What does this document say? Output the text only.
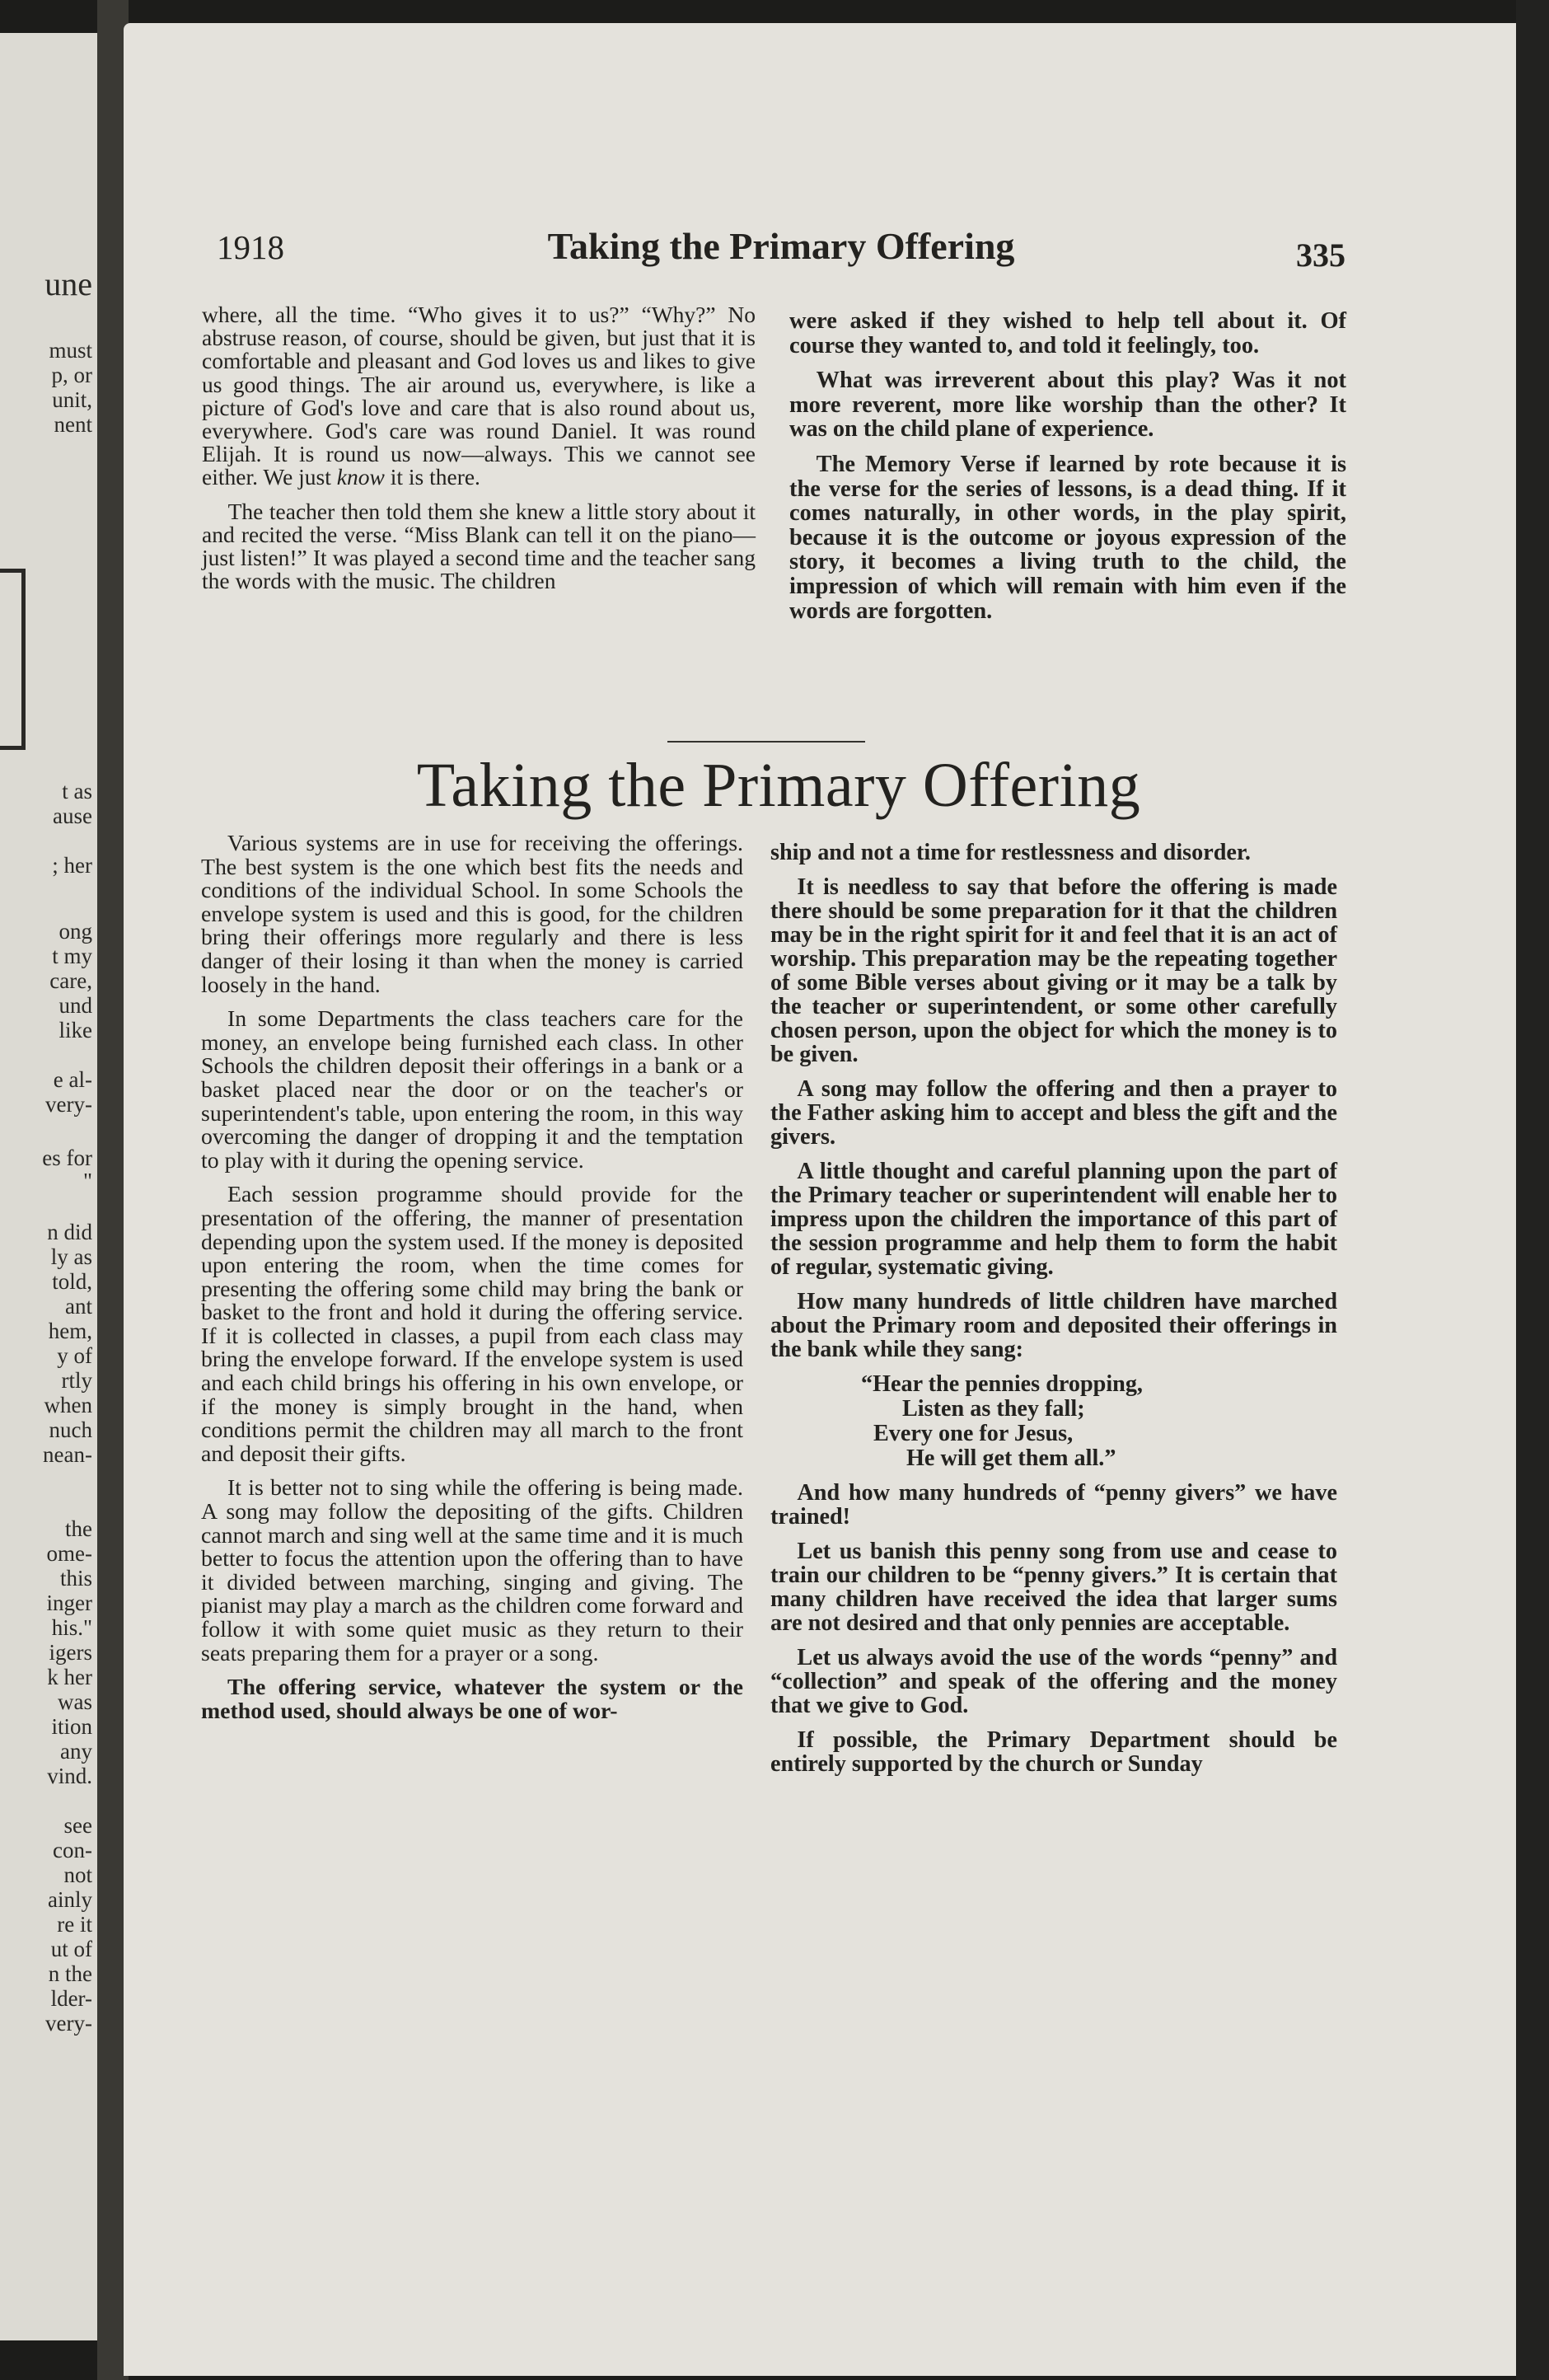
une
must
p, or
unit,
nent
t as
ause
; her
ong
t my
care,
und
like
e al-
very-
es for
"
n did
ly as
told,
ant
hem,
y of
rtly
when
nuch
nean-
the
ome-
this
inger
his."
igers
k her
was
ition
any
vind.
see
con-
not
ainly
re it
ut of
n the
lder-
very-
1918	Taking the Primary Offering	335

where, all the time. “Who gives it to us?” “Why?” No abstruse reason, of course, should be given, but just that it is comfortable and pleasant and God loves us and likes to give us good things. The air around us, everywhere, is like a picture of God's love and care that is also round about us, everywhere. God's care was round Daniel. It was round Elijah. It is round us now—always. This we cannot see either. We just know it is there.

The teacher then told them she knew a little story about it and recited the verse. “Miss Blank can tell it on the piano—just listen!” It was played a second time and the teacher sang the words with the music. The children

were asked if they wished to help tell about it. Of course they wanted to, and told it feelingly, too.

What was irreverent about this play? Was it not more reverent, more like worship than the other? It was on the child plane of experience.

The Memory Verse if learned by rote because it is the verse for the series of lessons, is a dead thing. If it comes naturally, in other words, in the play spirit, because it is the outcome or joyous expression of the story, it becomes a living truth to the child, the impression of which will remain with him even if the words are forgotten.

Taking the Primary Offering

Various systems are in use for receiving the offerings. The best system is the one which best fits the needs and conditions of the individual School. In some Schools the envelope system is used and this is good, for the children bring their offerings more regularly and there is less danger of their losing it than when the money is carried loosely in the hand.

In some Departments the class teachers care for the money, an envelope being furnished each class. In other Schools the children deposit their offerings in a bank or a basket placed near the door or on the teacher's or superintendent's table, upon entering the room, in this way overcoming the danger of dropping it and the temptation to play with it during the opening service.

Each session programme should provide for the presentation of the offering, the manner of presentation depending upon the system used. If the money is deposited upon entering the room, when the time comes for presenting the offering some child may bring the bank or basket to the front and hold it during the offering service. If it is collected in classes, a pupil from each class may bring the envelope forward. If the envelope system is used and each child brings his offering in his own envelope, or if the money is simply brought in the hand, when conditions permit the children may all march to the front and deposit their gifts.

It is better not to sing while the offering is being made. A song may follow the depositing of the gifts. Children cannot march and sing well at the same time and it is much better to focus the attention upon the offering than to have it divided between marching, singing and giving. The pianist may play a march as the children come forward and follow it with some quiet music as they return to their seats preparing them for a prayer or a song.

The offering service, whatever the system or the method used, should always be one of wor-

ship and not a time for restlessness and disorder.

It is needless to say that before the offering is made there should be some preparation for it that the children may be in the right spirit for it and feel that it is an act of worship. This preparation may be the repeating together of some Bible verses about giving or it may be a talk by the teacher or superintendent, or some other carefully chosen person, upon the object for which the money is to be given.

A song may follow the offering and then a prayer to the Father asking him to accept and bless the gift and the givers.

A little thought and careful planning upon the part of the Primary teacher or superintendent will enable her to impress upon the children the importance of this part of the session programme and help them to form the habit of regular, systematic giving.

How many hundreds of little children have marched about the Primary room and deposited their offerings in the bank while they sang:

“Hear the pennies dropping,
Listen as they fall;
Every one for Jesus,
He will get them all.”

And how many hundreds of “penny givers” we have trained!

Let us banish this penny song from use and cease to train our children to be “penny givers.” It is certain that many children have received the idea that larger sums are not desired and that only pennies are acceptable.

Let us always avoid the use of the words “penny” and “collection” and speak of the offering and the money that we give to God.

If possible, the Primary Department should be entirely supported by the church or Sunday
